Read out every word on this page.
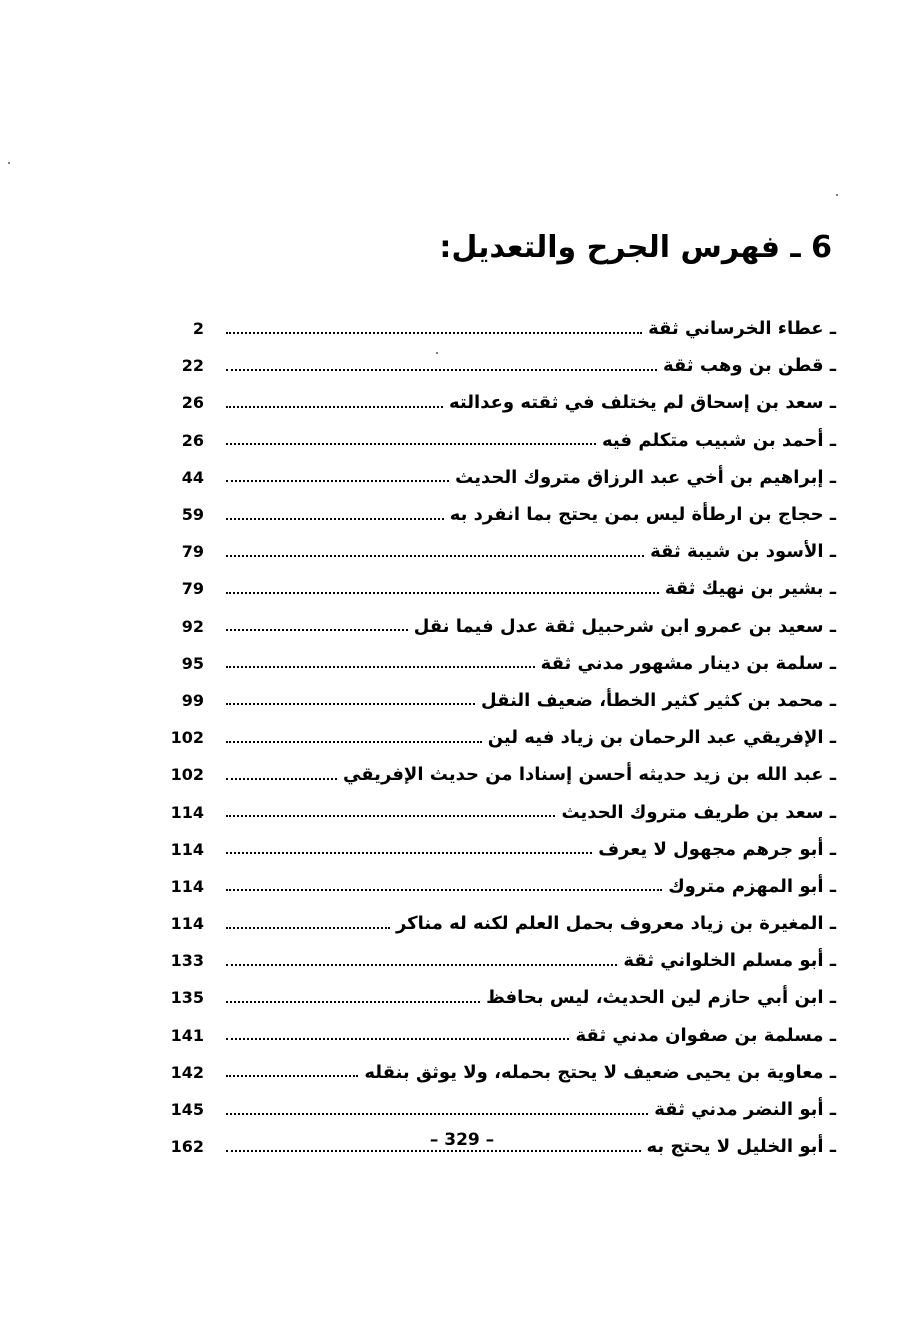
6 ـ فهرس الجرح والتعديل:
2	ـ عطاء الخرساني ثقة
22	ـ قطن بن وهب ثقة
26	ـ سعد بن إسحاق لم يختلف في ثقته وعدالته
26	ـ أحمد بن شبيب متكلم فيه
44	ـ إبراهيم بن أخي عبد الرزاق متروك الحديث
59	ـ حجاج بن ارطأة ليس بمن يحتج بما انفرد به
79	ـ الأسود بن شيبة ثقة
79	ـ بشير بن نهيك ثقة
92	ـ سعيد بن عمرو ابن شرحبيل ثقة عدل فيما نقل
95	ـ سلمة بن دينار مشهور مدني ثقة
99	ـ محمد بن كثير كثير الخطأ، ضعيف النقل
102	ـ الإفريقي عبد الرحمان بن زياد فيه لين
102	ـ عبد الله بن زيد حديثه أحسن إسنادا من حديث الإفريقي
114	ـ سعد بن طريف متروك الحديث
114	ـ أبو جرهم مجهول لا يعرف
114	ـ أبو المهزم متروك
114	ـ المغيرة بن زياد معروف بحمل العلم لكنه له مناكر
133	ـ أبو مسلم الخلواني ثقة
135	ـ ابن أبي حازم لين الحديث، ليس بحافظ
141	ـ مسلمة بن صفوان مدني ثقة
142	ـ معاوية بن يحيى ضعيف لا يحتج بحمله، ولا يوثق بنقله
145	ـ أبو النضر مدني ثقة
162	ـ أبو الخليل لا يحتج به
– 329 –
